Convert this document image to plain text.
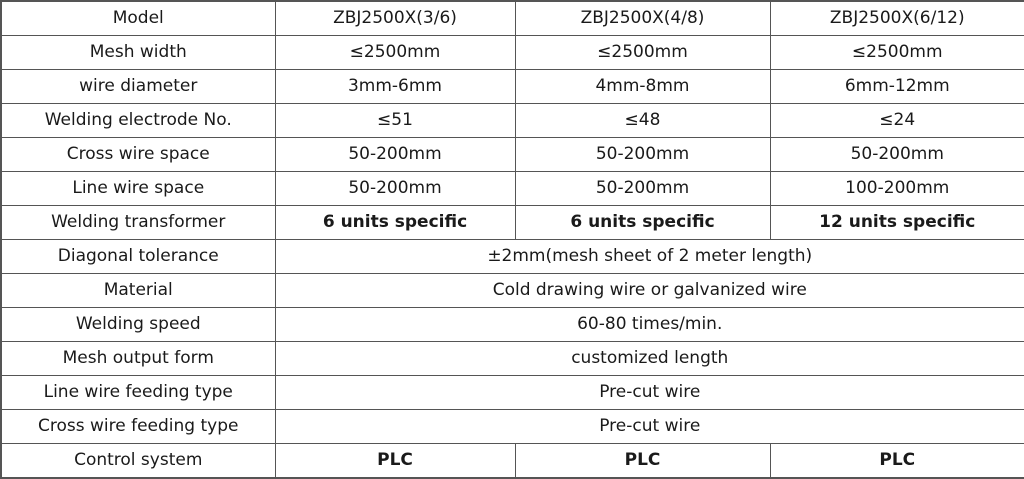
Model	ZBJ2500X(3/6)	ZBJ2500X(4/8)	ZBJ2500X(6/12)
Mesh width	≤2500mm	≤2500mm	≤2500mm
wire diameter	3mm-6mm	4mm-8mm	6mm-12mm
Welding electrode No.	≤51	≤48	≤24
Cross wire space	50-200mm	50-200mm	50-200mm
Line wire space	50-200mm	50-200mm	100-200mm
Welding transformer	6 units specific	6 units specific	12 units specific
Diagonal tolerance	±2mm(mesh sheet of 2 meter length)		
Material	Cold drawing wire or galvanized wire		
Welding speed	60-80 times/min.		
Mesh output form	customized length		
Line wire feeding type	Pre-cut wire		
Cross wire feeding type	Pre-cut wire		
Control system	PLC	PLC	PLC
